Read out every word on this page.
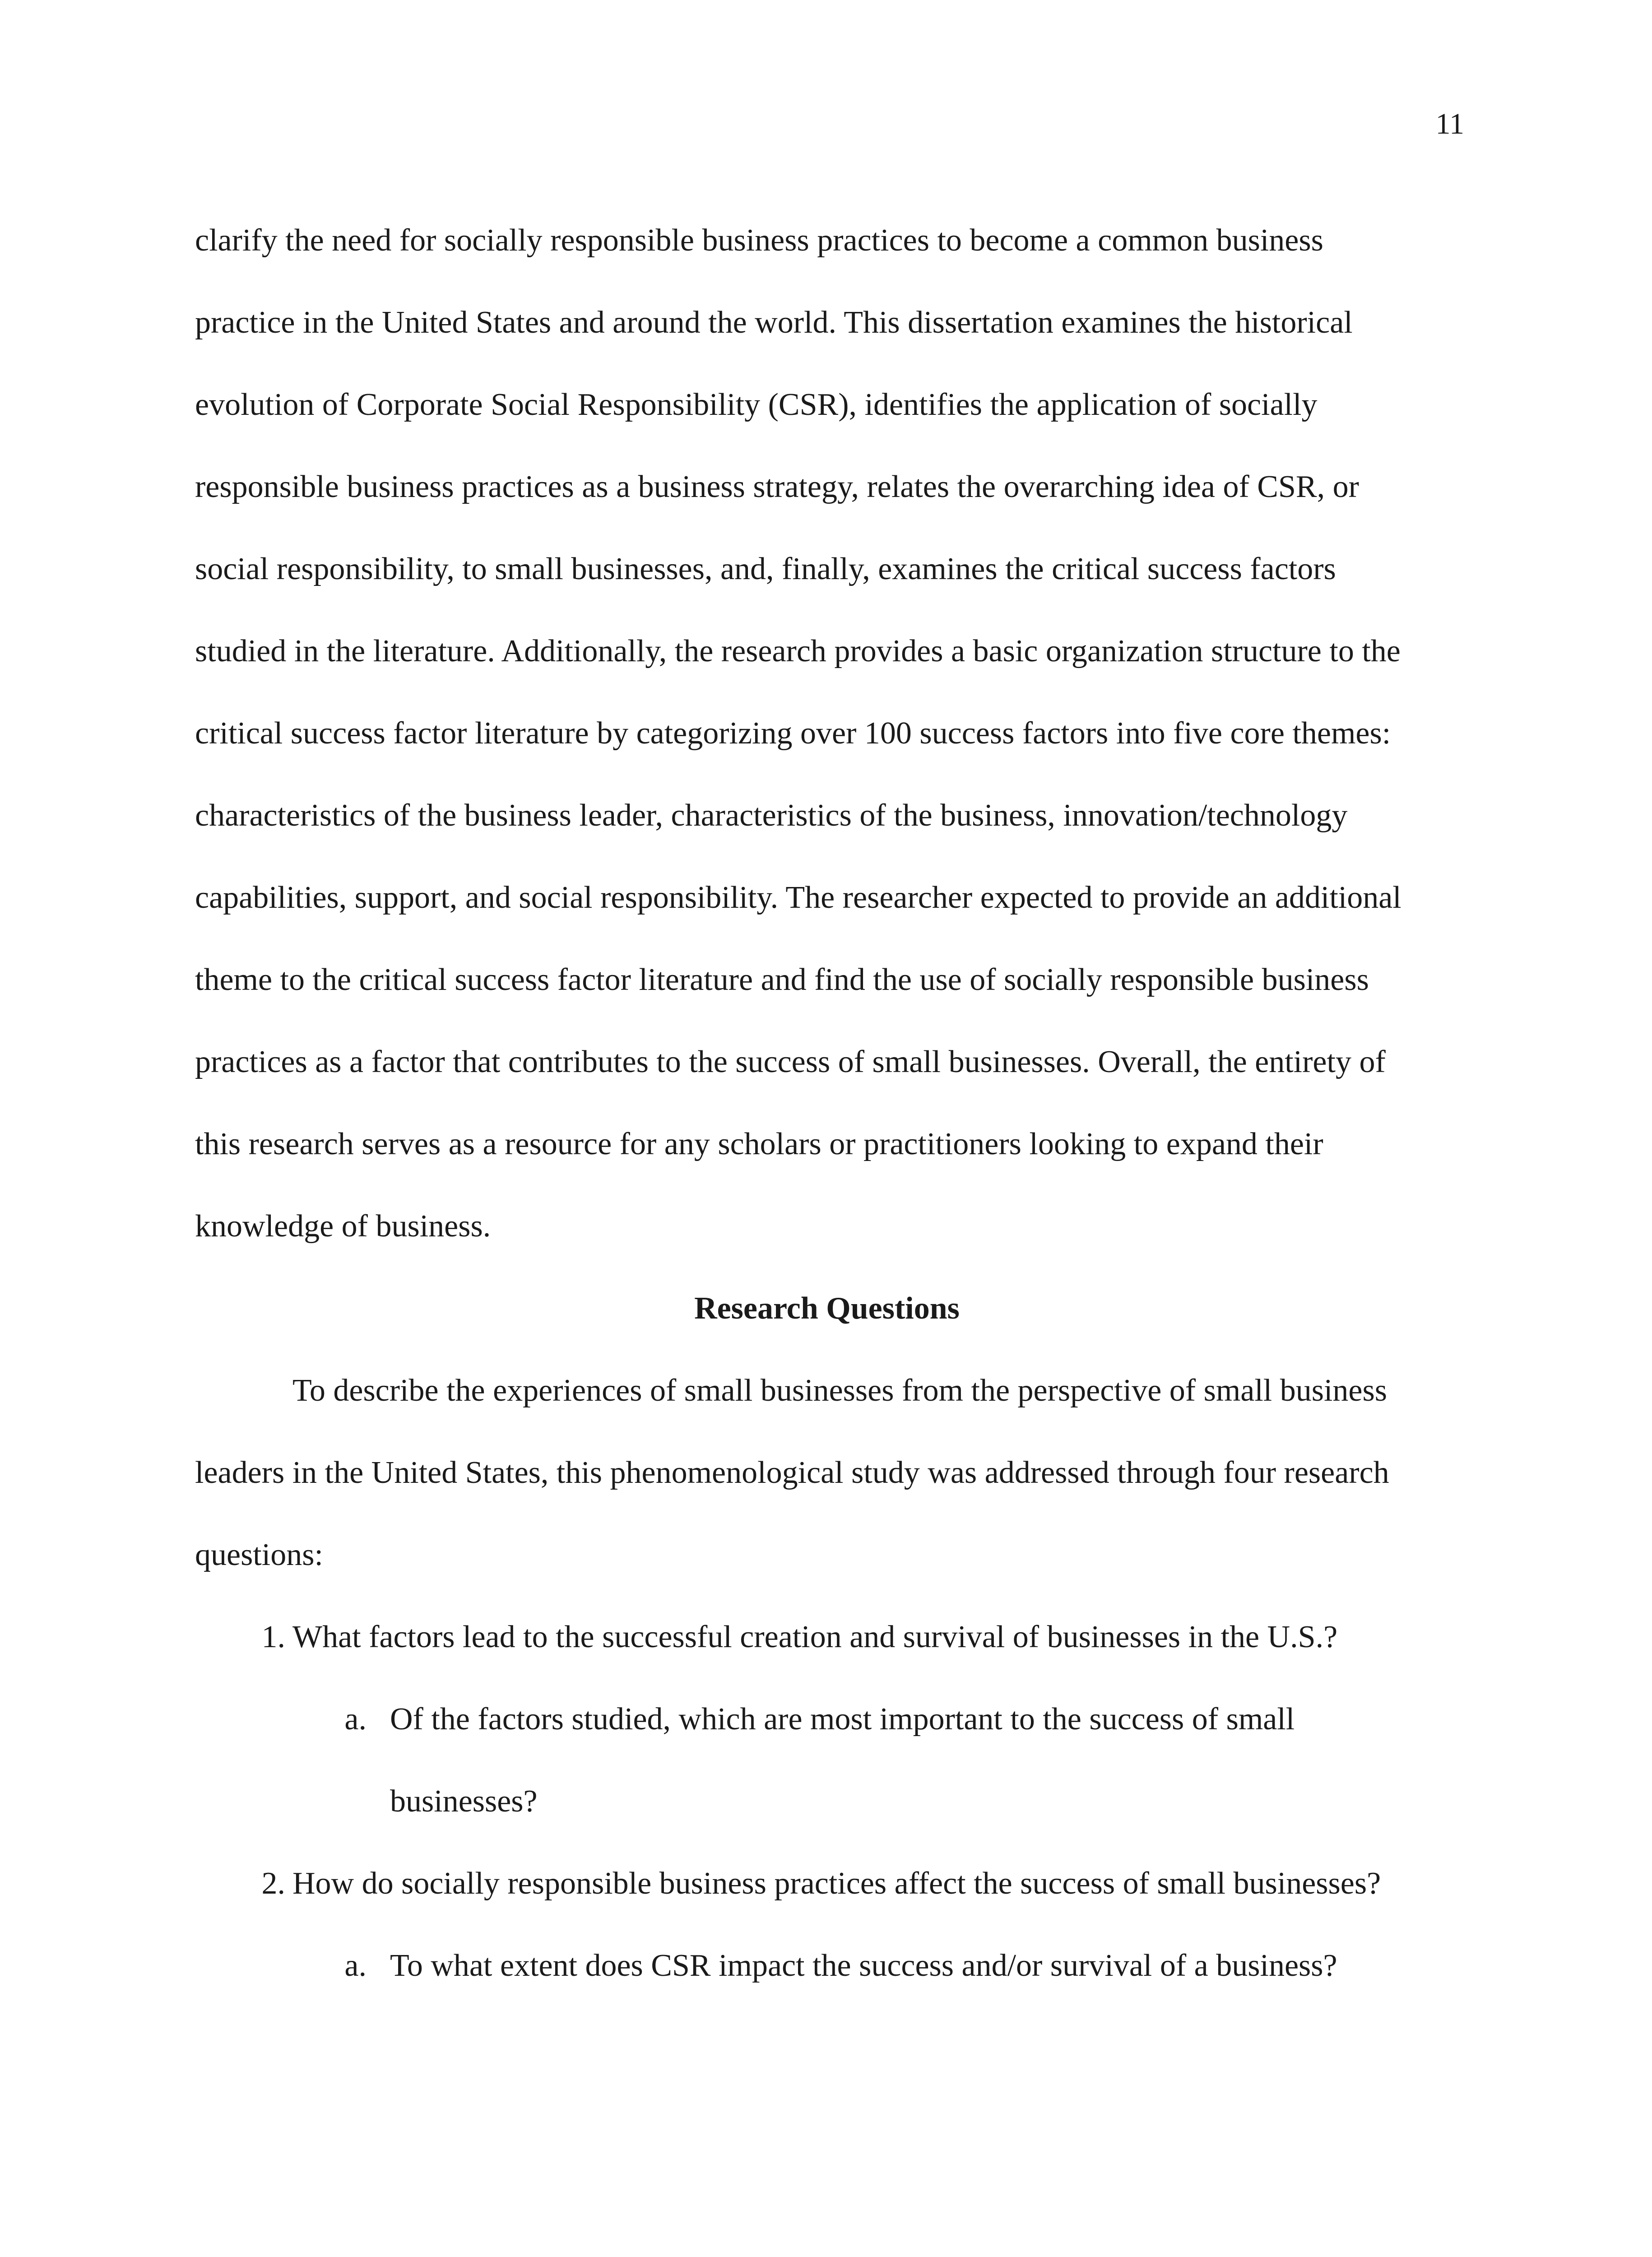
11
clarify the need for socially responsible business practices to become a common business
practice in the United States and around the world. This dissertation examines the historical
evolution of Corporate Social Responsibility (CSR), identifies the application of socially
responsible business practices as a business strategy, relates the overarching idea of CSR, or
social responsibility, to small businesses, and, finally, examines the critical success factors
studied in the literature. Additionally, the research provides a basic organization structure to the
critical success factor literature by categorizing over 100 success factors into five core themes:
characteristics of the business leader, characteristics of the business, innovation/technology
capabilities, support, and social responsibility. The researcher expected to provide an additional
theme to the critical success factor literature and find the use of socially responsible business
practices as a factor that contributes to the success of small businesses. Overall, the entirety of
this research serves as a resource for any scholars or practitioners looking to expand their
knowledge of business.
Research Questions
To describe the experiences of small businesses from the perspective of small business
leaders in the United States, this phenomenological study was addressed through four research
questions:
1. What factors lead to the successful creation and survival of businesses in the U.S.?
a. Of the factors studied, which are most important to the success of small
businesses?
2. How do socially responsible business practices affect the success of small businesses?
a. To what extent does CSR impact the success and/or survival of a business?
